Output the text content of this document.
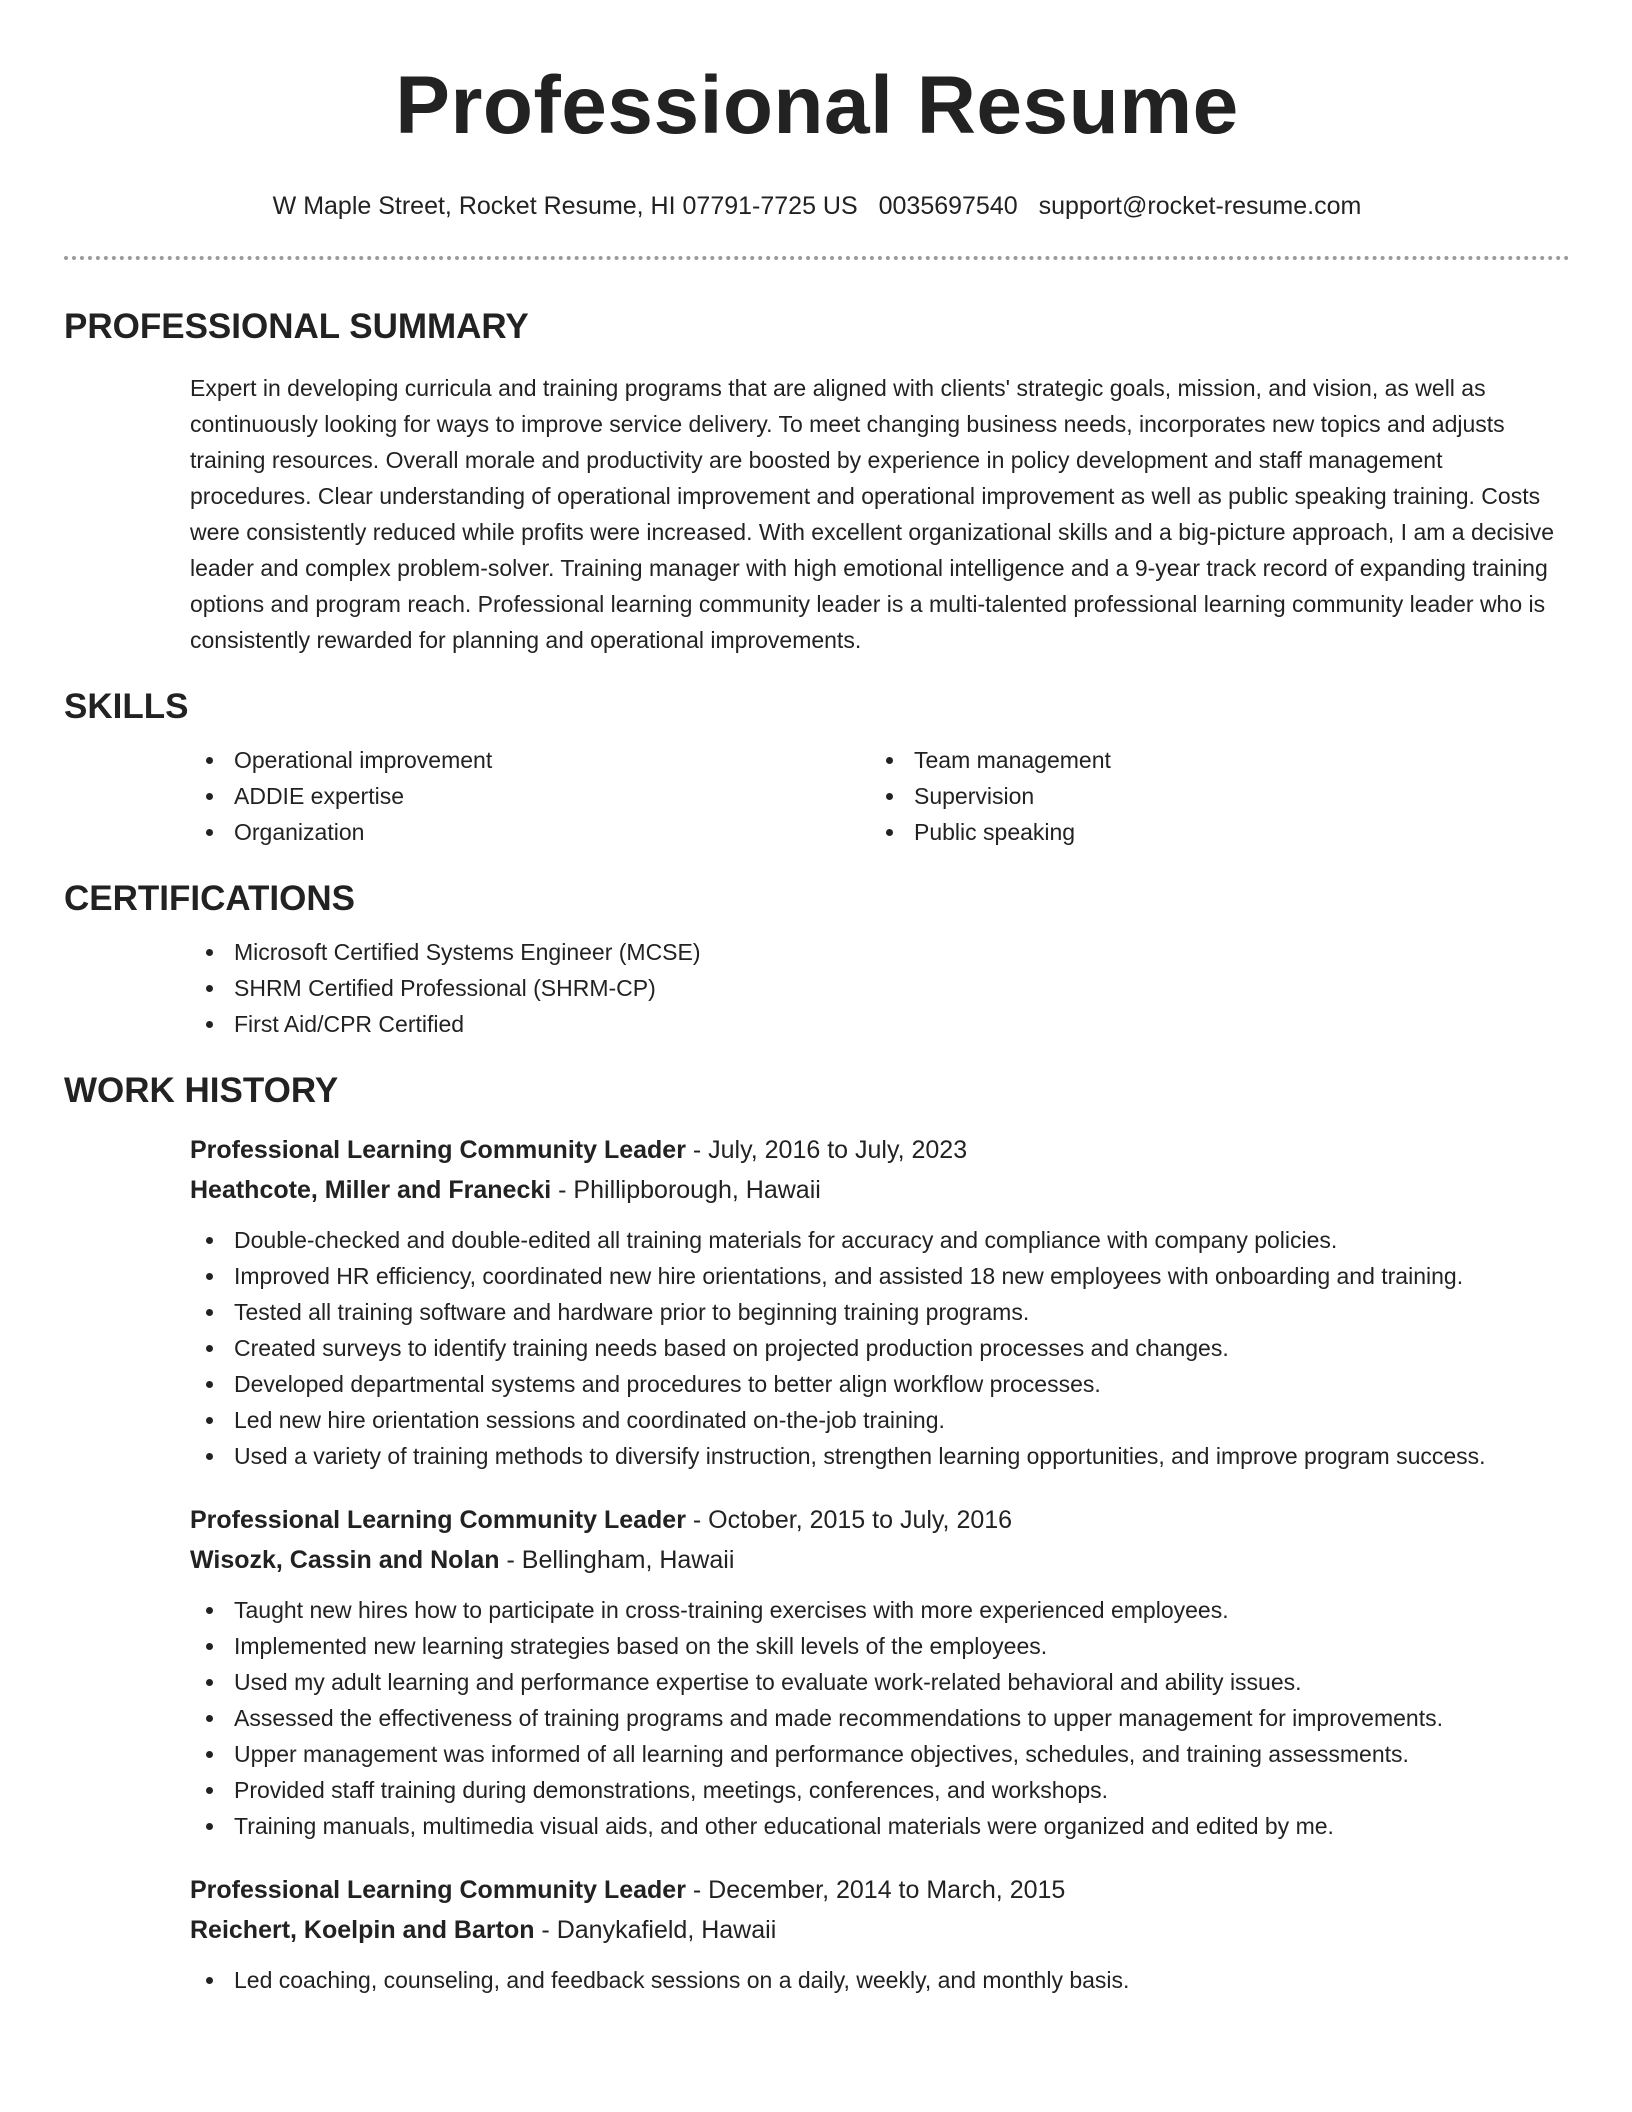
Professional Resume
W Maple Street, Rocket Resume, HI 07791-7725 US 0035697540 support@rocket-resume.com
PROFESSIONAL SUMMARY
Expert in developing curricula and training programs that are aligned with clients' strategic goals, mission, and vision, as well as continuously looking for ways to improve service delivery. To meet changing business needs, incorporates new topics and adjusts training resources. Overall morale and productivity are boosted by experience in policy development and staff management procedures. Clear understanding of operational improvement and operational improvement as well as public speaking training. Costs were consistently reduced while profits were increased. With excellent organizational skills and a big-picture approach, I am a decisive leader and complex problem-solver. Training manager with high emotional intelligence and a 9-year track record of expanding training options and program reach. Professional learning community leader is a multi-talented professional learning community leader who is consistently rewarded for planning and operational improvements.
SKILLS
Operational improvement
ADDIE expertise
Organization
Team management
Supervision
Public speaking
CERTIFICATIONS
Microsoft Certified Systems Engineer (MCSE)
SHRM Certified Professional (SHRM-CP)
First Aid/CPR Certified
WORK HISTORY
Professional Learning Community Leader - July, 2016 to July, 2023
Heathcote, Miller and Franecki - Phillipborough, Hawaii
Double-checked and double-edited all training materials for accuracy and compliance with company policies.
Improved HR efficiency, coordinated new hire orientations, and assisted 18 new employees with onboarding and training.
Tested all training software and hardware prior to beginning training programs.
Created surveys to identify training needs based on projected production processes and changes.
Developed departmental systems and procedures to better align workflow processes.
Led new hire orientation sessions and coordinated on-the-job training.
Used a variety of training methods to diversify instruction, strengthen learning opportunities, and improve program success.
Professional Learning Community Leader - October, 2015 to July, 2016
Wisozk, Cassin and Nolan - Bellingham, Hawaii
Taught new hires how to participate in cross-training exercises with more experienced employees.
Implemented new learning strategies based on the skill levels of the employees.
Used my adult learning and performance expertise to evaluate work-related behavioral and ability issues.
Assessed the effectiveness of training programs and made recommendations to upper management for improvements.
Upper management was informed of all learning and performance objectives, schedules, and training assessments.
Provided staff training during demonstrations, meetings, conferences, and workshops.
Training manuals, multimedia visual aids, and other educational materials were organized and edited by me.
Professional Learning Community Leader - December, 2014 to March, 2015
Reichert, Koelpin and Barton - Danykafield, Hawaii
Led coaching, counseling, and feedback sessions on a daily, weekly, and monthly basis.
